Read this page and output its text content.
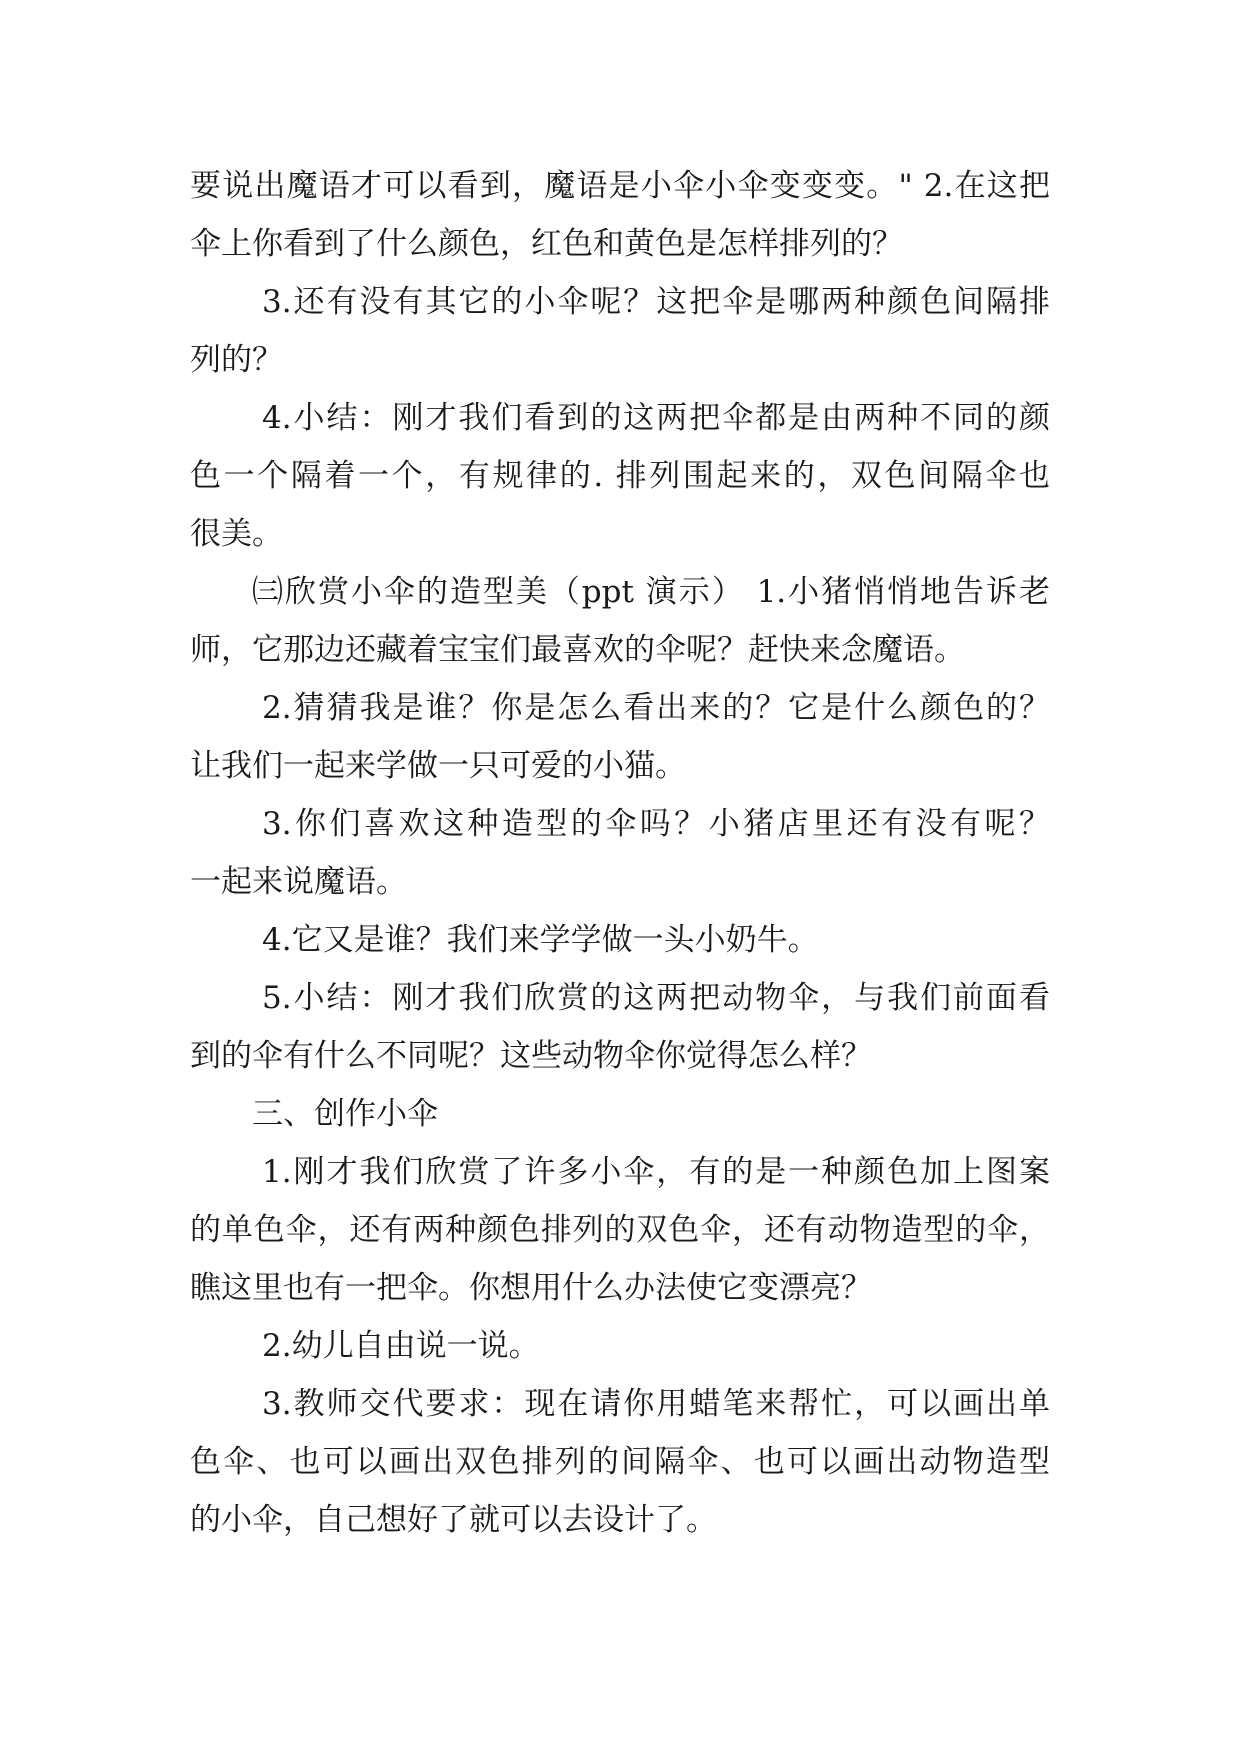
要说出魔语才可以看到，魔语是小伞小伞变变变。" 2.在这把
伞上你看到了什么颜色，红色和黄色是怎样排列的？
3.还有没有其它的小伞呢？这把伞是哪两种颜色间隔排
列的？
4.小结：刚才我们看到的这两把伞都是由两种不同的颜
色一个隔着一个，有规律的. 排列围起来的，双色间隔伞也
很美。
㈢欣赏小伞的造型美（ppt 演示） 1.小猪悄悄地告诉老
师，它那边还藏着宝宝们最喜欢的伞呢？赶快来念魔语。
2.猜猜我是谁？你是怎么看出来的？它是什么颜色的？
让我们一起来学做一只可爱的小猫。
3.你们喜欢这种造型的伞吗？小猪店里还有没有呢？
一起来说魔语。
4.它又是谁？我们来学学做一头小奶牛。
5.小结：刚才我们欣赏的这两把动物伞，与我们前面看
到的伞有什么不同呢？这些动物伞你觉得怎么样？
三、创作小伞
1.刚才我们欣赏了许多小伞，有的是一种颜色加上图案
的单色伞，还有两种颜色排列的双色伞，还有动物造型的伞，
瞧这里也有一把伞。你想用什么办法使它变漂亮？
2.幼儿自由说一说。
3.教师交代要求：现在请你用蜡笔来帮忙，可以画出单
色伞、也可以画出双色排列的间隔伞、也可以画出动物造型
的小伞，自己想好了就可以去设计了。
